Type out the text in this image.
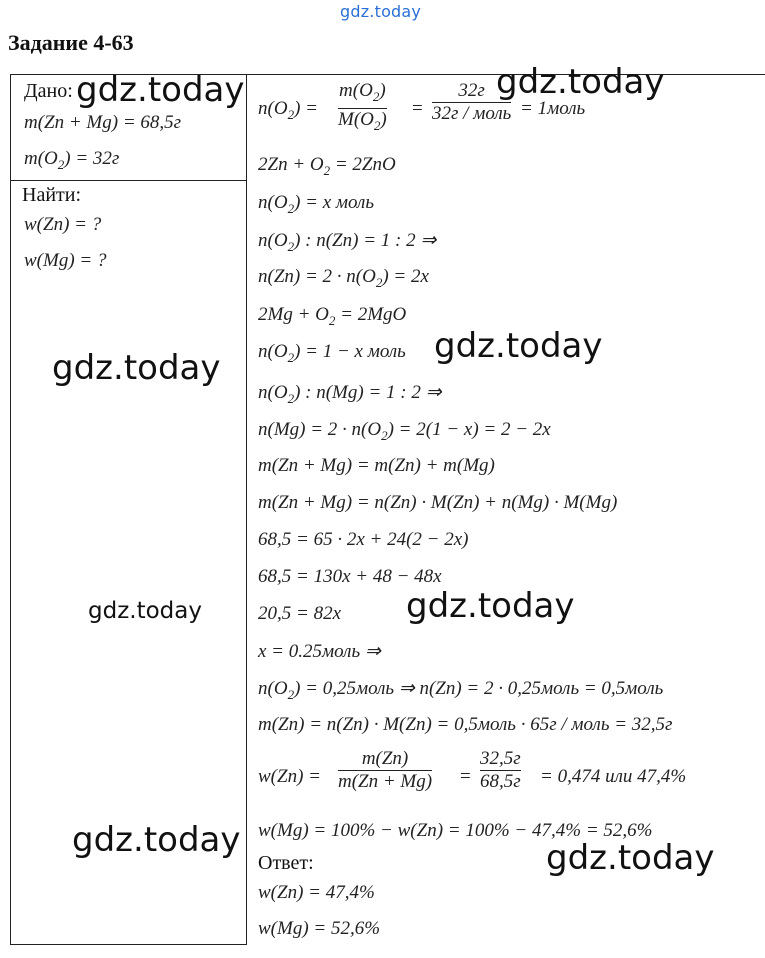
gdz.today
Задание 4-63
Дано:
m(Zn + Mg) = 68,5г
$m(O_2) = 32г$
Найти:
w(Zn) = ?
w(Mg) = ?
$n(O_2)$ =
$m(O_2)$
$M(O_2)$
=
32г
32г / моль = 1моль
$2Zn + O_2 = 2ZnO$
$n(O_2) = x$ моль
$n(O_2)$ : n(Zn) = 1 : 2 ⇒
$n(Zn) = 2 \cdot n(O_2) = 2x$
$2Mg + O_2 = 2MgO$
$n(O_2) = 1 - x$ моль
$n(O_2)$ : n(Mg) = 1 : 2 ⇒
$n(Mg) = 2 \cdot n(O_2) = 2(1 - x) = 2 - 2x$
m(Zn + Mg) = m(Zn) + m(Mg)
m(Zn + Mg) = n(Zn) · M(Zn) + n(Mg) · M(Mg)
68,5 = 65 · 2x + 24(2 − 2x)
68,5 = 130x + 48 − 48x
20,5 = 82x
x = 0.25моль ⇒
$n(O_2)$ = 0,25моль ⇒ n(Zn) = 2 · 0,25моль = 0,5моль
m(Zn) = n(Zn) · M(Zn) = 0,5моль · 65г / моль = 32,5г
w(Zn) =
m(Zn)
m(Zn + Mg) =
32,5г
68,5г = 0,474 или 47,4%
w(Mg) = 100% − w(Zn) = 100% − 47,4% = 52,6%
Ответ:
w(Zn) = 47,4%
w(Mg) = 52,6%
gdz.today	gdz.today
gdz.today
gdz.today
gdz.today	gdz.today
gdz.today	gdz.today
